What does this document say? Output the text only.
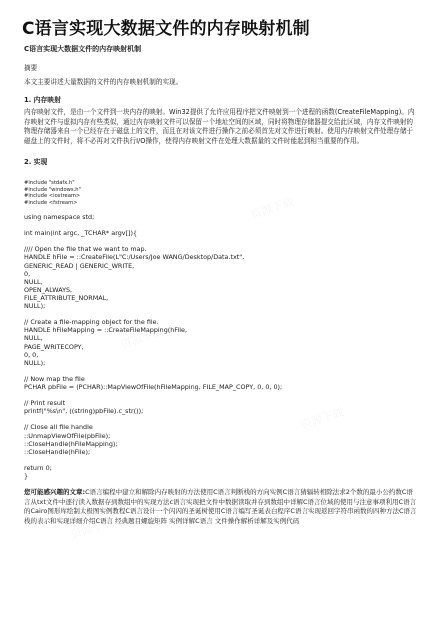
C语言实现大数据文件的内存映射机制
C语言实现大数据文件的内存映射机制
摘要
本文主要讲述大量数据的文件的内存映射机制的实现。
1. 内存映射
内存映射文件，是由一个文件到一块内存的映射。Win32提供了允许应用程序把文件映射到一个进程的函数(CreateFileMapping)。内存映射文件与虚拟内存有些类似，通过内存映射文件可以保留一个地址空间的区域，同时将物理存储器提交给此区域，内存文件映射的物理存储器来自一个已经存在于磁盘上的文件，而且在对该文件进行操作之前必须首先对文件进行映射。使用内存映射文件处理存储于磁盘上的文件时，将不必再对文件执行I/O操作，使得内存映射文件在处理大数据量的文件时能起到相当重要的作用。
2. 实现
#include "stdafx.h"
#include "windows.h"
#include <iostream>
#include <fstream>
using namespace std;

int main(int argc, _TCHAR* argv[]){

//// Open the file that we want to map.
HANDLE hFile = ::CreateFile(L"C:/Users/Joe WANG/Desktop/Data.txt",
GENERIC_READ | GENERIC_WRITE,
0,
NULL,
OPEN_ALWAYS,
FILE_ATTRIBUTE_NORMAL,
NULL);

// Create a file-mapping object for the file.
HANDLE hFileMapping = ::CreateFileMapping(hFile,
NULL,
PAGE_WRITECOPY,
0, 0,
NULL);

// Now map the file
PCHAR pbFile = (PCHAR)::MapViewOfFile(hFileMapping, FILE_MAP_COPY, 0, 0, 0);

// Print result
printf("%s\n", ((string)pbFile).c_str());

// Close all file handle
::UnmapViewOfFile(pbFile);
::CloseHandle(hFileMapping);
::CloseHandle(hFile);

return 0;
}
您可能感兴趣的文章:C语言编程中建立和解除内存映射的方法使用C语言判断栈的方向实例C语言猜辐转相除法求2个数的最小公约数C语言从txt文件中逐行读入数据存到数组中的实现方法c语言实现把文件中数据读取并存到数组中详解C语言位域的使用与注意事项利用C语言的Cairo图形库绘制太极图实例教程C语言设计一个闪闪的圣诞树使用C语言编写圣诞表白程序C语言实现返回字符串函数的四种方法C语言 栈的表示和实现详细介绍C语言 经典题目螺旋矩阵 实例详解C语言 文件操作解析详解及实例代码
